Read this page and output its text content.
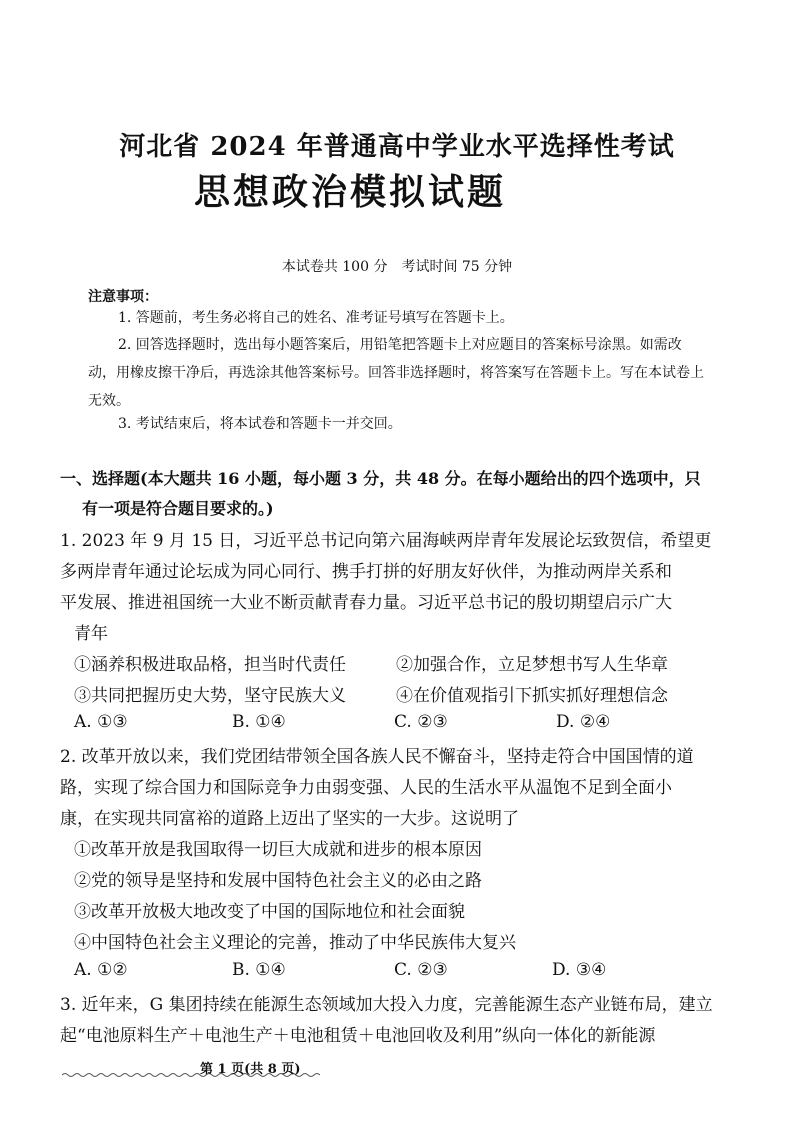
河北省 2024 年普通高中学业水平选择性考试
思想政治模拟试题
本试卷共 100 分　考试时间 75 分钟
注意事项：
1. 答题前，考生务必将自己的姓名、准考证号填写在答题卡上。
2. 回答选择题时，选出每小题答案后，用铅笔把答题卡上对应题目的答案标号涂黑。如需改动，用橡皮擦干净后，再选涂其他答案标号。回答非选择题时，将答案写在答题卡上。写在本试卷上无效。
3. 考试结束后，将本试卷和答题卡一并交回。
一、选择题(本大题共 16 小题，每小题 3 分，共 48 分。在每小题给出的四个选项中，只
有一项是符合题目要求的。)
1. 2023 年 9 月 15 日，习近平总书记向第六届海峡两岸青年发展论坛致贺信，希望更
多两岸青年通过论坛成为同心同行、携手打拼的好朋友好伙伴，为推动两岸关系和
平发展、推进祖国统一大业不断贡献青春力量。习近平总书记的殷切期望启示广大
青年
①涵养积极进取品格，担当时代责任	②加强合作，立足梦想书写人生华章
③共同把握历史大势，坚守民族大义	④在价值观指引下抓实抓好理想信念
A. ①③	B. ①④	C. ②③	D. ②④
2. 改革开放以来，我们党团结带领全国各族人民不懈奋斗，坚持走符合中国国情的道
路，实现了综合国力和国际竞争力由弱变强、人民的生活水平从温饱不足到全面小
康，在实现共同富裕的道路上迈出了坚实的一大步。这说明了
①改革开放是我国取得一切巨大成就和进步的根本原因
②党的领导是坚持和发展中国特色社会主义的必由之路
③改革开放极大地改变了中国的国际地位和社会面貌
④中国特色社会主义理论的完善，推动了中华民族伟大复兴
A. ①②	B. ①④	C. ②③	D. ③④
3. 近年来，G 集团持续在能源生态领域加大投入力度，完善能源生态产业链布局，建立
起“电池原料生产＋电池生产＋电池租赁＋电池回收及利用”纵向一体化的新能源
第 1 页(共 8 页)
